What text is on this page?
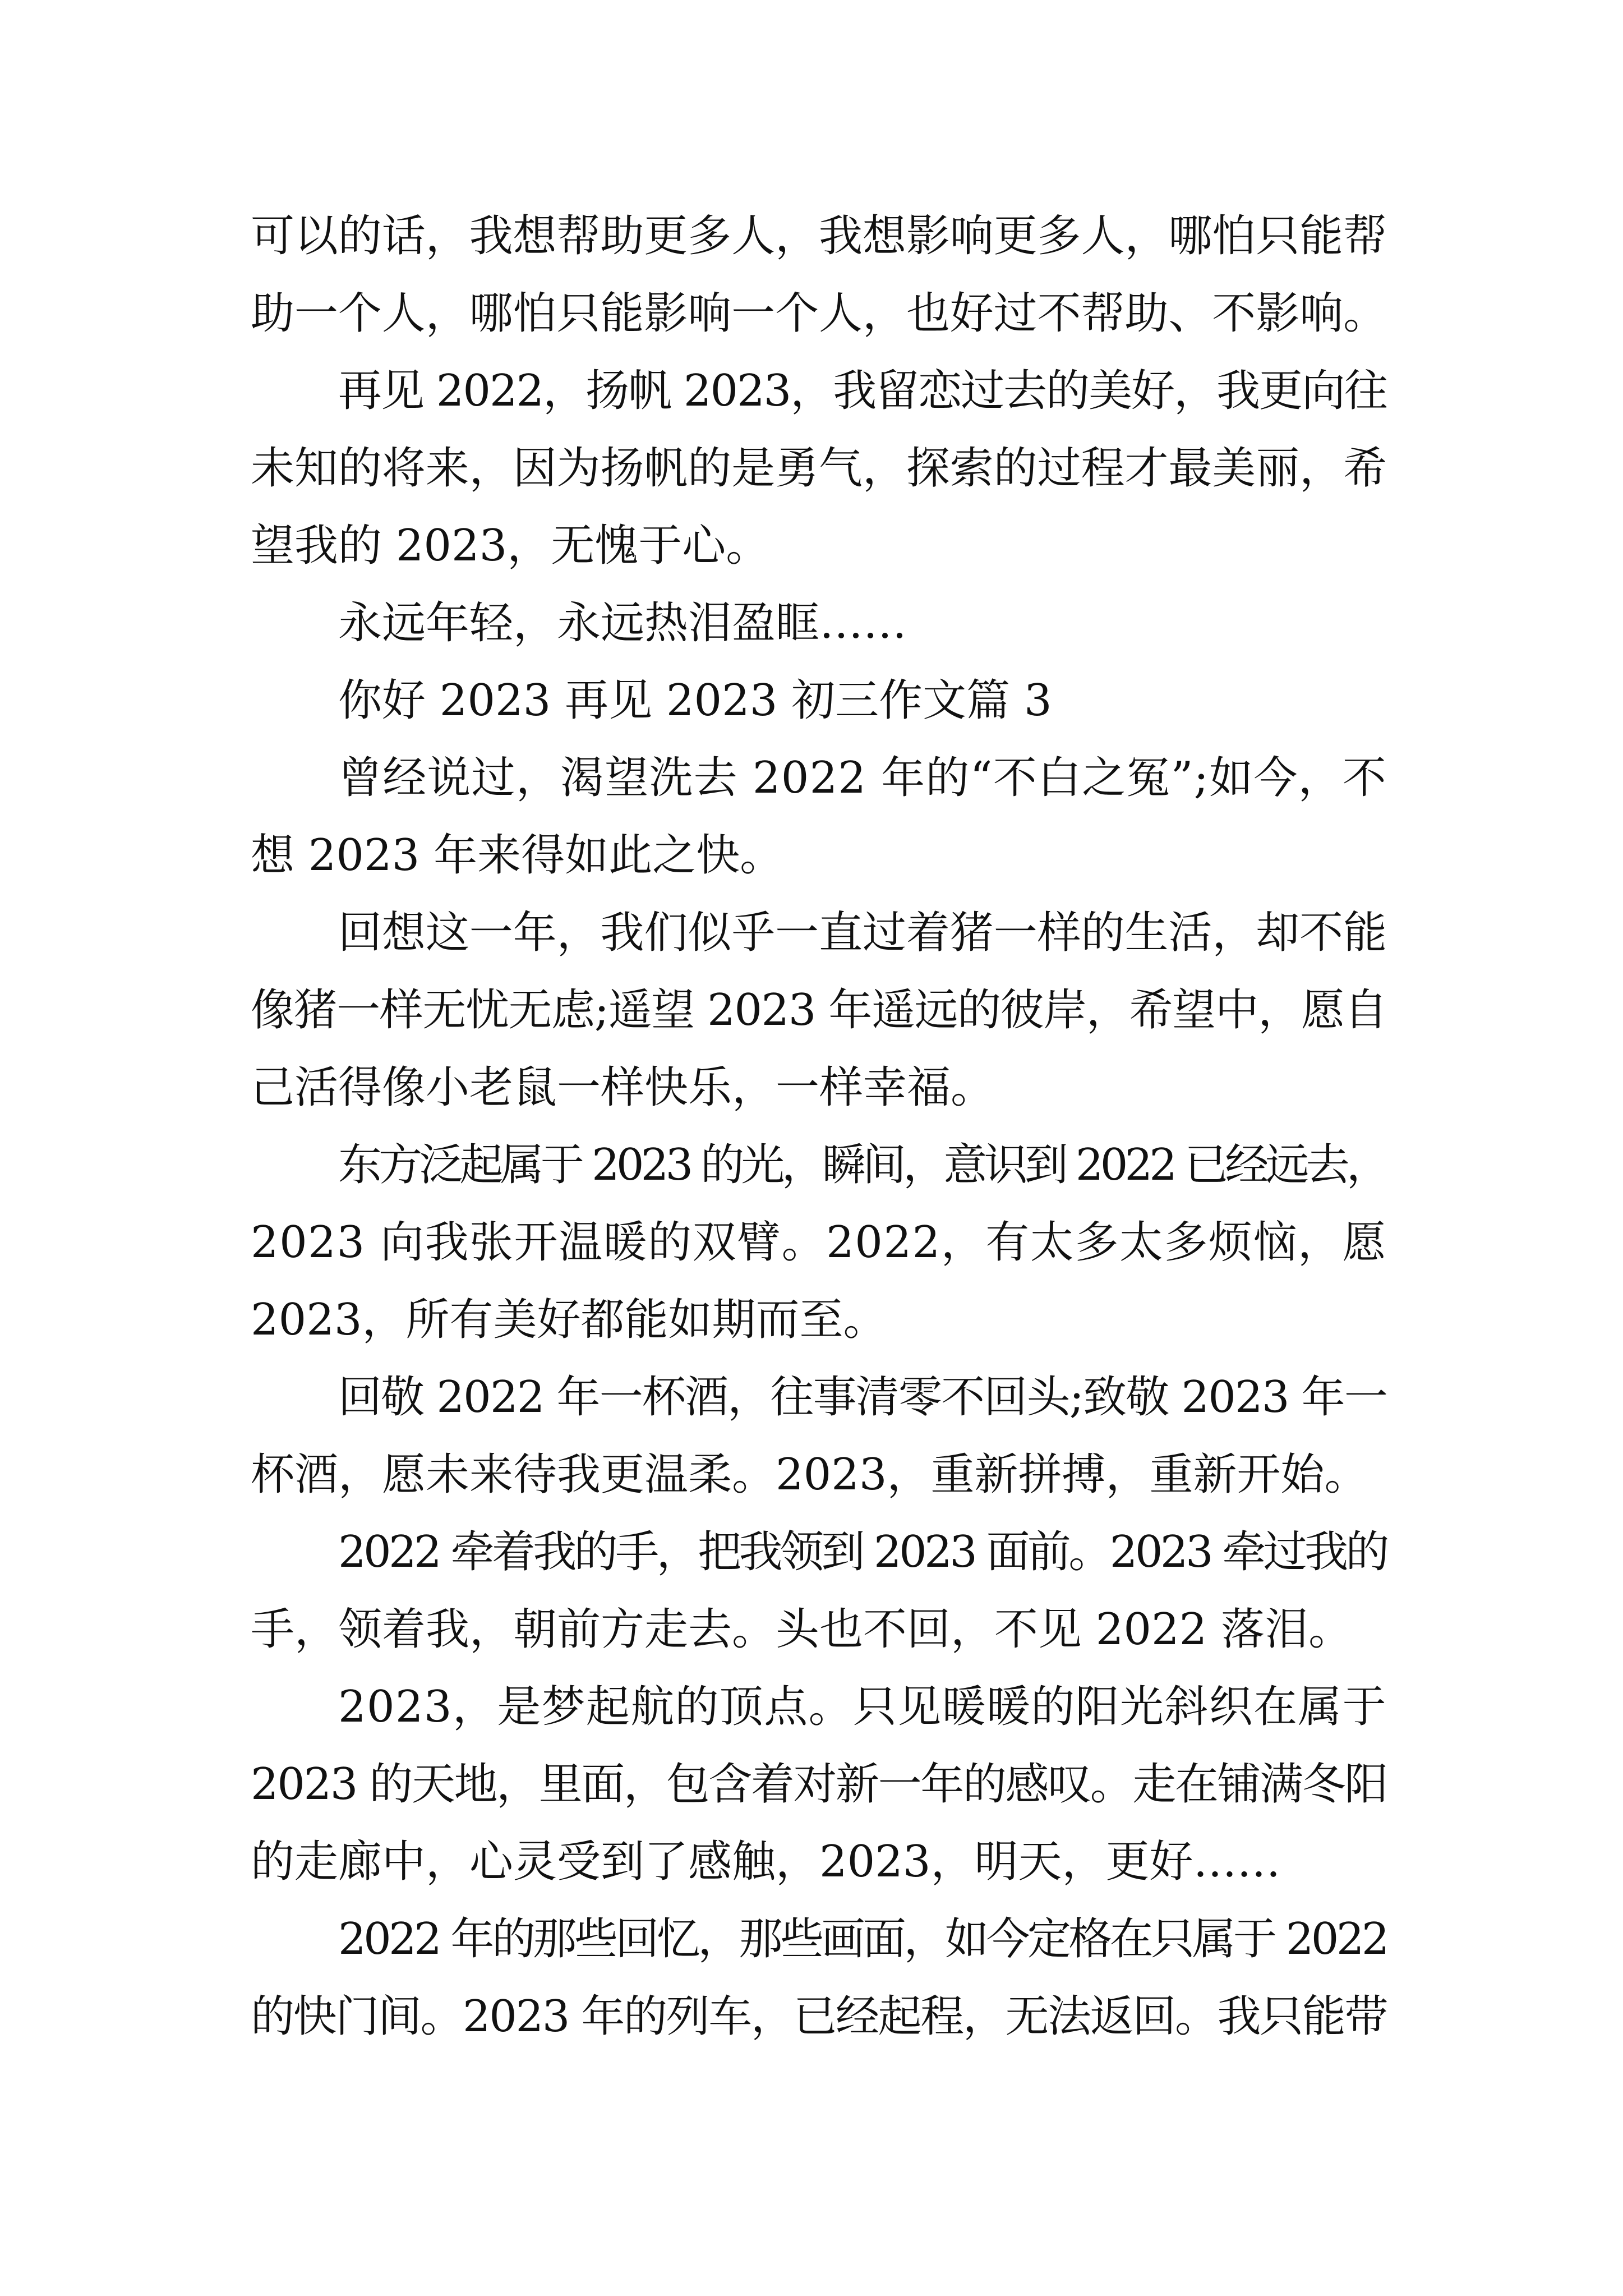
可以的话，我想帮助更多人，我想影响更多人，哪怕只能帮
助一个人，哪怕只能影响一个人，也好过不帮助、不影响。
再见 2022，扬帆 2023，我留恋过去的美好，我更向往
未知的将来，因为扬帆的是勇气，探索的过程才最美丽，希
望我的 2023，无愧于心。
永远年轻，永远热泪盈眶……
你好 2023 再见 2023 初三作文篇 3
曾经说过，渴望洗去 2022 年的“不白之冤”;如今，不
想 2023 年来得如此之快。
回想这一年，我们似乎一直过着猪一样的生活，却不能
像猪一样无忧无虑;遥望 2023 年遥远的彼岸，希望中，愿自
己活得像小老鼠一样快乐，一样幸福。
东方泛起属于 2023 的光，瞬间，意识到 2022 已经远去，
2023 向我张开温暖的双臂。2022，有太多太多烦恼，愿
2023，所有美好都能如期而至。
回敬 2022 年一杯酒，往事清零不回头;致敬 2023 年一
杯酒，愿未来待我更温柔。2023，重新拼搏，重新开始。
2022 牵着我的手，把我领到 2023 面前。2023 牵过我的
手，领着我，朝前方走去。头也不回，不见 2022 落泪。
2023，是梦起航的顶点。只见暖暖的阳光斜织在属于
2023 的天地，里面，包含着对新一年的感叹。走在铺满冬阳
的走廊中，心灵受到了感触，2023，明天，更好……
2022 年的那些回忆，那些画面，如今定格在只属于 2022
的快门间。2023 年的列车，已经起程，无法返回。我只能带
